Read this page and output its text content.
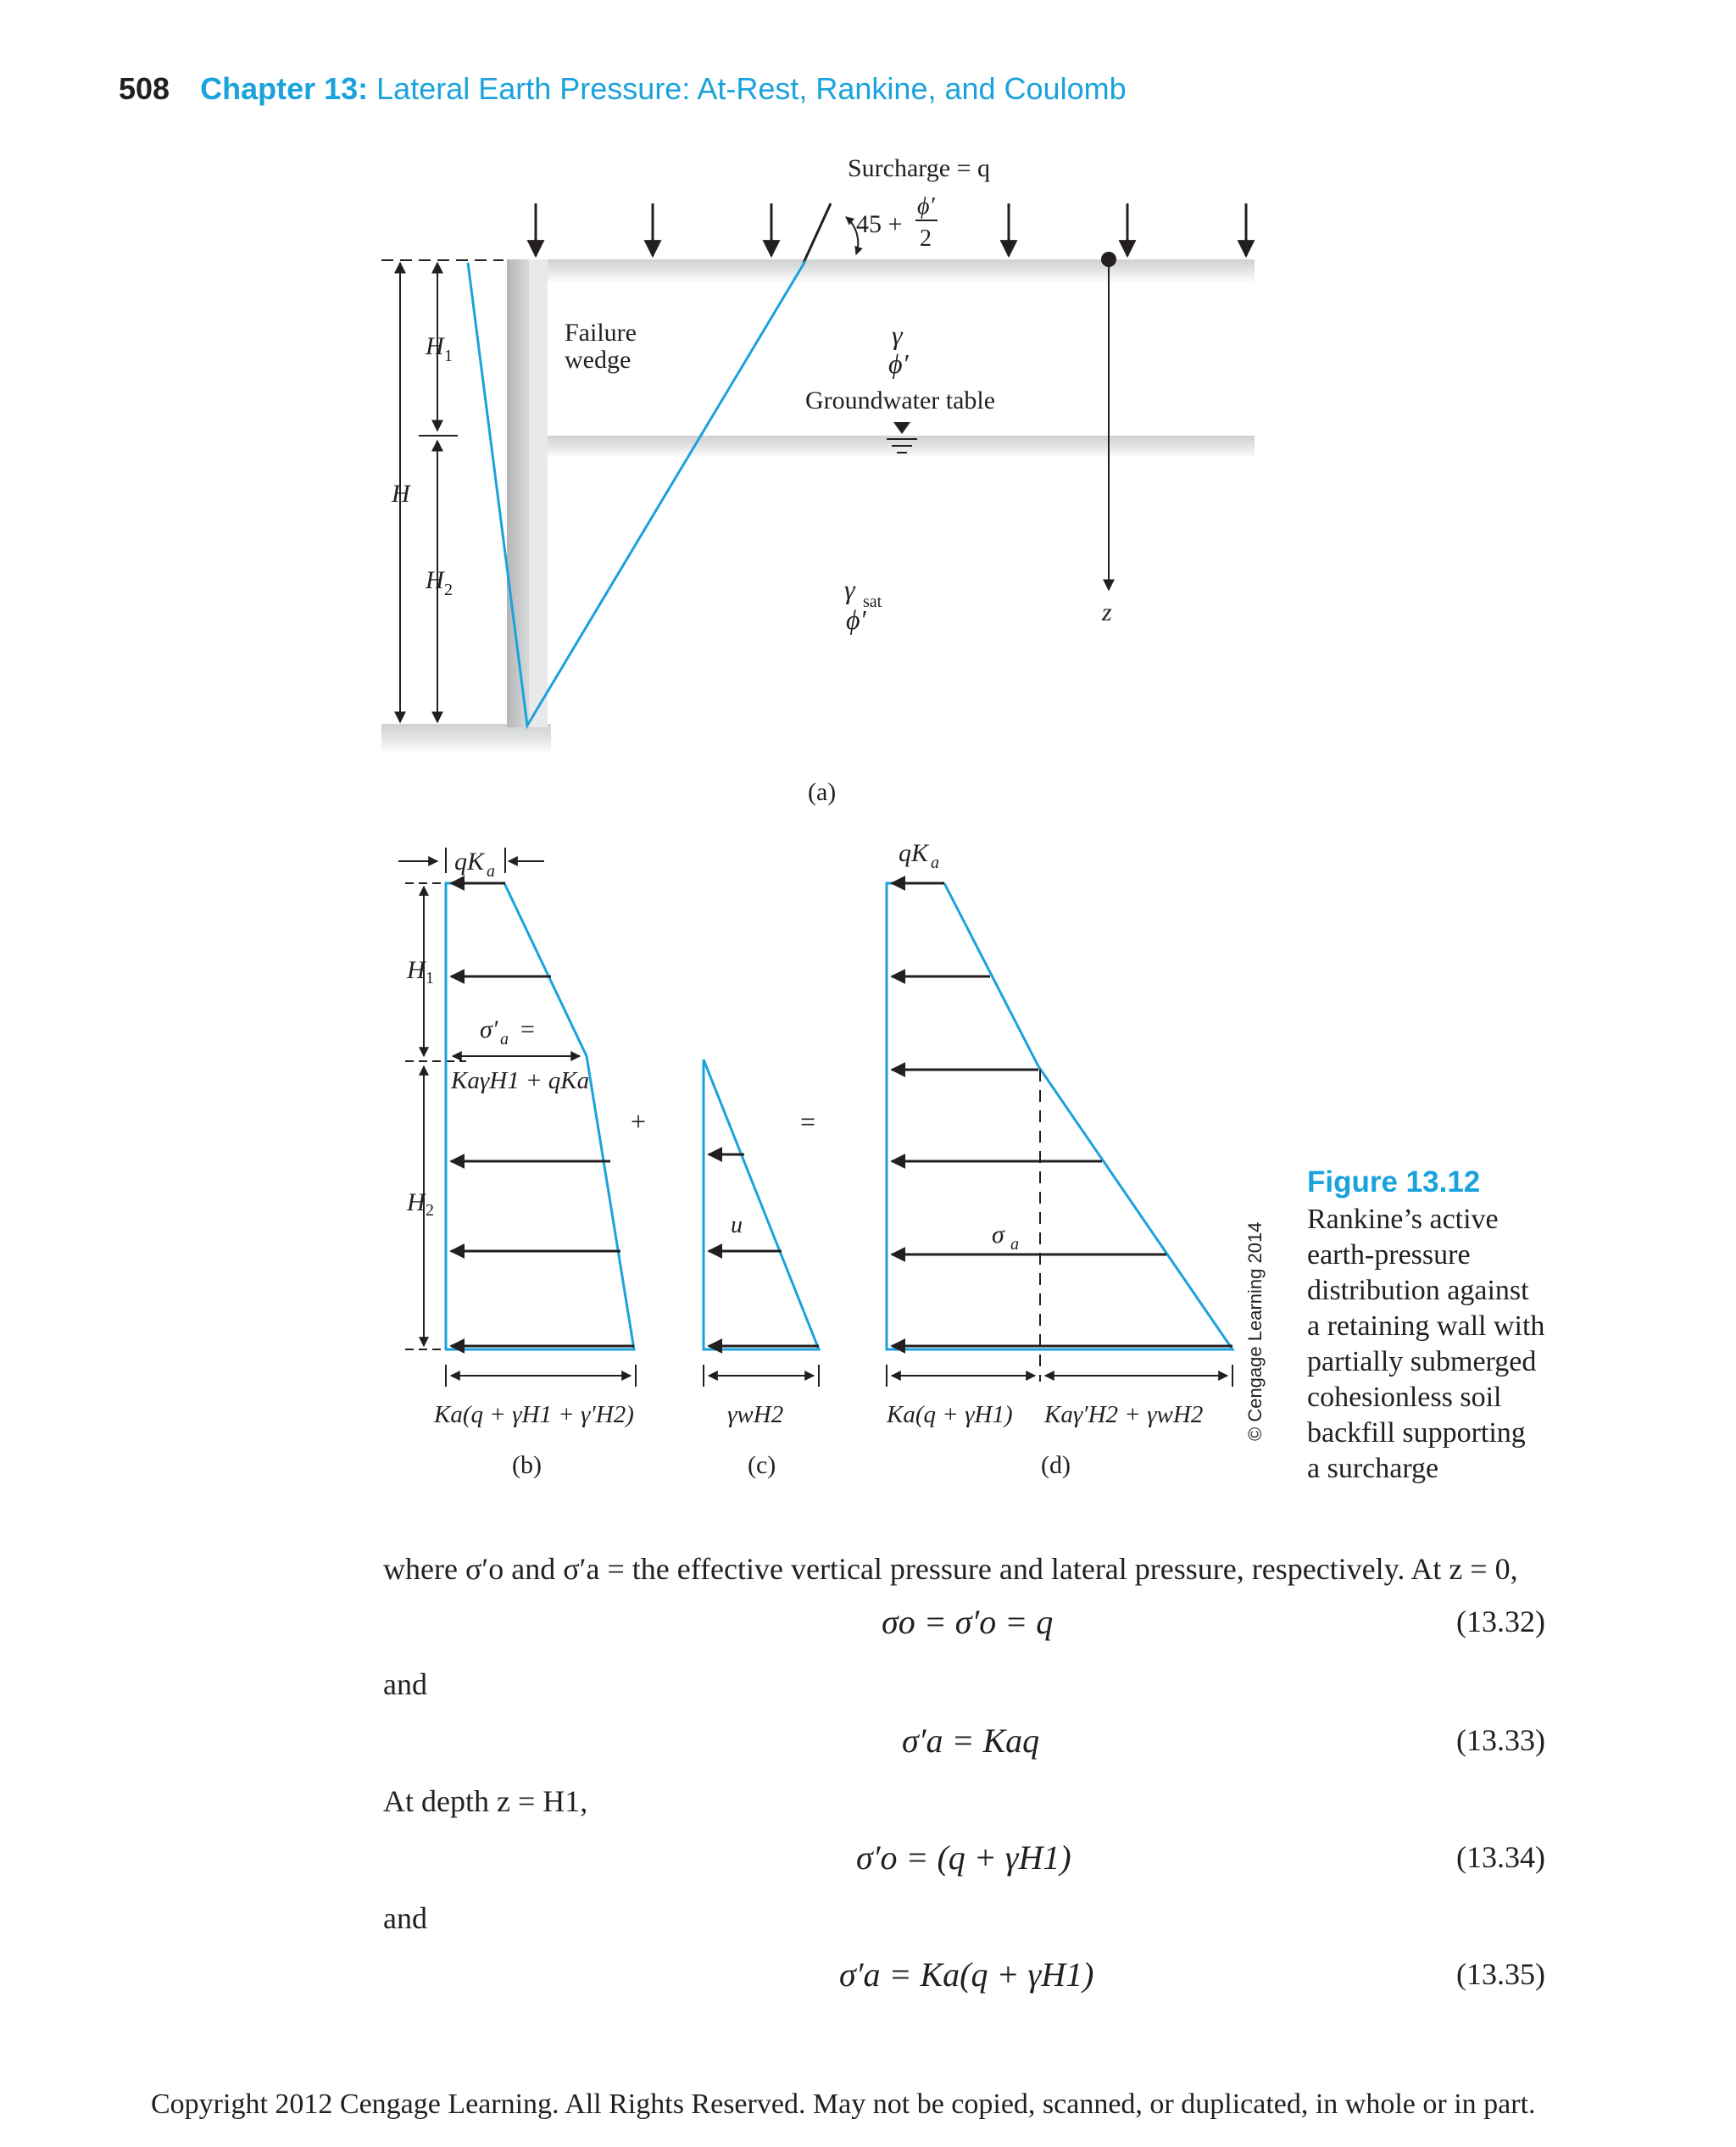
508 Chapter 13: Lateral Earth Pressure: At-Rest, Rankine, and Coulomb
Surcharge = q
45 +
ϕ′
2
Failure
wedge
γ
ϕ′
Groundwater table
γ sat
ϕ′	z
H
H 1
H 2
(a)
qK a
H 1
H 2
σ′ a =
KaγH1 + qKa
Ka(q + γH1 + γ′H2)
(b)
+	=
u
γwH2
(c)
qK a
σ a
Ka(q + γH1) Kaγ′H2 + γwH2
(d)
© Cengage Learning 2014
Figure 13.12
Rankine’s active
earth-pressure
distribution against
a retaining wall with
partially submerged
cohesionless soil
backfill supporting
a surcharge
where σ′o and σ′a = the effective vertical pressure and lateral pressure, respectively. At z = 0,
σo = σ′o = q	(13.32)
and
σ′a = Kaq	(13.33)
At depth z = H1,
σ′o = (q + γH1)	(13.34)
and
σ′a = Ka(q + γH1)	(13.35)
Copyright 2012 Cengage Learning. All Rights Reserved. May not be copied, scanned, or duplicated, in whole or in part.
